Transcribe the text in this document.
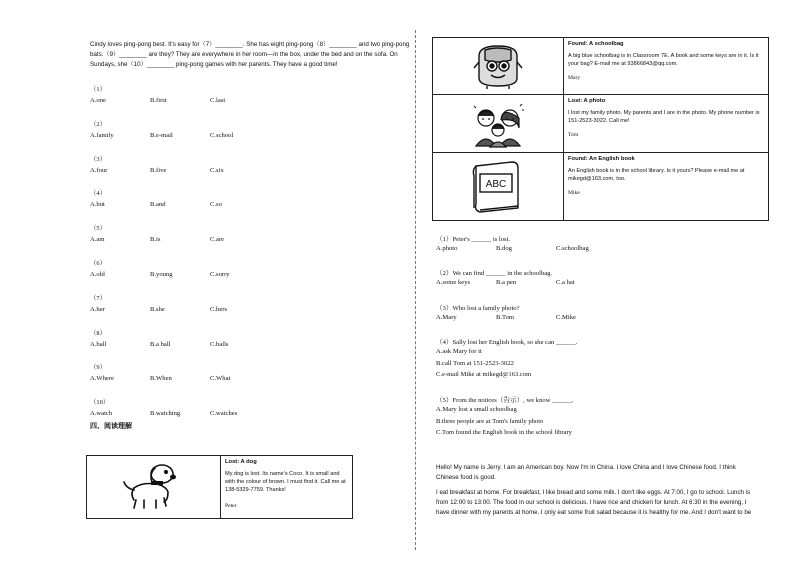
Cindy loves ping-pong best. It's easy for（7）________. She has eight ping-pong（8）________ and two ping-pong
bats.（9）________ are they? They are everywhere in her room—in the box, under the bed and on the sofa. On
Sundays, she（10）________ ping-pong games with her parents. They have a good time!
（1）
A.one	B.first	C.last
（2）
A.family	B.e-mail	C.school
（3）
A.four	B.five	C.six
（4）
A.but	B.and	C.so
（5）
A.am	B.is	C.are
（6）
A.old	B.young	C.sorry
（7）
A.her	B.she	C.hers
（8）
A.ball	B.a ball	C.balls
（9）
A.Where	B.When	C.What
（10）
A.watch	B.watching	C.watches
四、阅读理解
Lost: A dog

My dog is lost. Its name's Coco. It is small and with the colour of brown. I must find it. Call me at 138-5329-7759. Thanks!

Peter

Found: A schoolbag

A big blue schoolbag is in Classroom 7E. A book and some keys are in it. Is it your bag? E-mail me at 93866843@qq.com.

Mary

Lost: A photo

I lost my family photo. My parents and I are in the photo. My phone number is 151-2523-3022. Call me!

Tom

ABC
Found: An English book

An English book is in the school library. Is it yours? Please e-mail me at mikegd@163.com, too.

Mike

（1）Peter's ______ is lost.
A.photo	B.dog	C.schoolbag
（2）We can find ______ in the schoolbag.
A.some keys	B.a pen	C.a hat
（3）Who lost a family photo?
A.Mary	B.Tom	C.Mike
（4）Sally lost her English book, so she can ______.
A.ask Mary for it
B.call Tom at 151-2523-3022
C.e-mail Mike at mikegd@163.com
（5）From the notices（告示）, we know ______.
A.Mary lost a small schoolbag
B.three people are at Tom's family photo
C.Tom found the English book in the school library
Hello! My name is Jerry. I am an American boy. Now I'm in China. I love China and I love Chinese food. I think
Chinese food is good.
I eat breakfast at home. For breakfast, I like bread and some milk. I don't like eggs. At 7:00, I go to school. Lunch is
from 12:00 to 13:00. The food in our school is delicious. I have rice and chicken for lunch. At 6:30 in the evening, I
have dinner with my parents at home. I only eat some fruit salad because it is healthy for me. And I don't want to be
